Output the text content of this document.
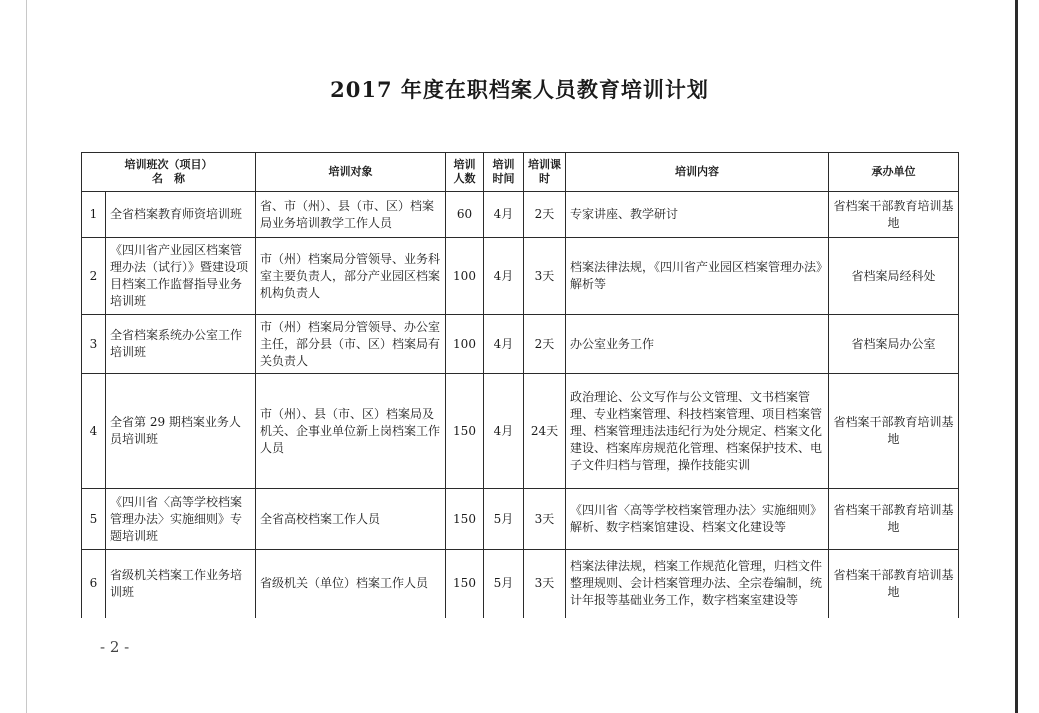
2017 年度在职档案人员教育培训计划
培训班次（项目）
名　称		培训对象	培训人数	培训时间	培训课时	培训内容	承办单位
1	全省档案教育师资培训班	省、市（州）、县（市、区）档案局业务培训教学工作人员	60	4月	2天	专家讲座、教学研讨	省档案干部教育培训基地
2	《四川省产业园区档案管理办法（试行）》暨建设项目档案工作监督指导业务培训班	市（州）档案局分管领导、业务科室主要负责人，部分产业园区档案机构负责人	100	4月	3天	档案法律法规，《四川省产业园区档案管理办法》解析等	省档案局经科处
3	全省档案系统办公室工作培训班	市（州）档案局分管领导、办公室主任，部分县（市、区）档案局有关负责人	100	4月	2天	办公室业务工作	省档案局办公室
4	全省第 29 期档案业务人员培训班	市（州）、县（市、区）档案局及机关、企事业单位新上岗档案工作人员	150	4月	24天	政治理论、公文写作与公文管理、文书档案管理、专业档案管理、科技档案管理、项目档案管理、档案管理违法违纪行为处分规定、档案文化建设、档案库房规范化管理、档案保护技术、电子文件归档与管理，操作技能实训	省档案干部教育培训基地
5	《四川省〈高等学校档案管理办法〉实施细则》专题培训班	全省高校档案工作人员	150	5月	3天	《四川省〈高等学校档案管理办法〉实施细则》解析、数字档案馆建设、档案文化建设等	省档案干部教育培训基地
6	省级机关档案工作业务培训班	省级机关（单位）档案工作人员	150	5月	3天	档案法律法规，档案工作规范化管理，归档文件整理规则、会计档案管理办法、全宗卷编制，统计年报等基础业务工作，数字档案室建设等	省档案干部教育培训基地
- 2 -
